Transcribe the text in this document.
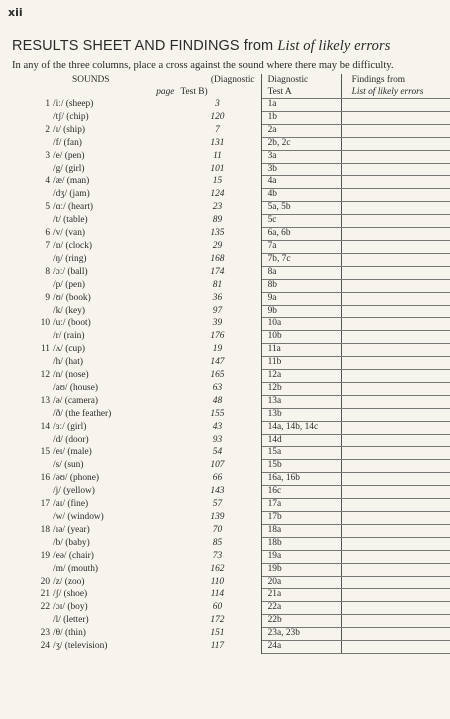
xii
RESULTS SHEET AND FINDINGS from List of likely errors
In any of the three columns, place a cross against the sound where there may be difficulty.
SOUNDS	(Diagnostic	Diagnostic	Findings from
page	Test B)	Test A	List of likely errors
1 /iː/ (sheep)	3	1a	
/tʃ/ (chip)	120	1b	
2 /ɪ/ (ship)	7	2a	
/f/ (fan)	131	2b, 2c	
3 /e/ (pen)	11	3a	
/g/ (girl)	101	3b	
4 /æ/ (man)	15	4a	
/dʒ/ (jam)	124	4b	
5 /ɑː/ (heart)	23	5a, 5b	
/t/ (table)	89	5c	
6 /v/ (van)	135	6a, 6b	
7 /ɒ/ (clock)	29	7a	
/ŋ/ (ring)	168	7b, 7c	
8 /ɔː/ (ball)	174	8a	
/p/ (pen)	81	8b	
9 /ʊ/ (book)	36	9a	
/k/ (key)	97	9b	
10 /uː/ (boot)	39	10a	
/r/ (rain)	176	10b	
11 /ʌ/ (cup)	19	11a	
/h/ (hat)	147	11b	
12 /n/ (nose)	165	12a	
/aʊ/ (house)	63	12b	
13 /ə/ (camera)	48	13a	
/ð/ (the feather)	155	13b	
14 /ɜː/ (girl)	43	14a, 14b, 14c	
/d/ (door)	93	14d	
15 /eɪ/ (male)	54	15a	
/s/ (sun)	107	15b	
16 /əʊ/ (phone)	66	16a, 16b	
/j/ (yellow)	143	16c	
17 /aɪ/ (fine)	57	17a	
/w/ (window)	139	17b	
18 /ɪə/ (year)	70	18a	
/b/ (baby)	85	18b	
19 /eə/ (chair)	73	19a	
/m/ (mouth)	162	19b	
20 /z/ (zoo)	110	20a	
21 /ʃ/ (shoe)	114	21a	
22 /ɔɪ/ (boy)	60	22a	
/l/ (letter)	172	22b	
23 /θ/ (thin)	151	23a, 23b	
24 /ʒ/ (television)	117	24a	
